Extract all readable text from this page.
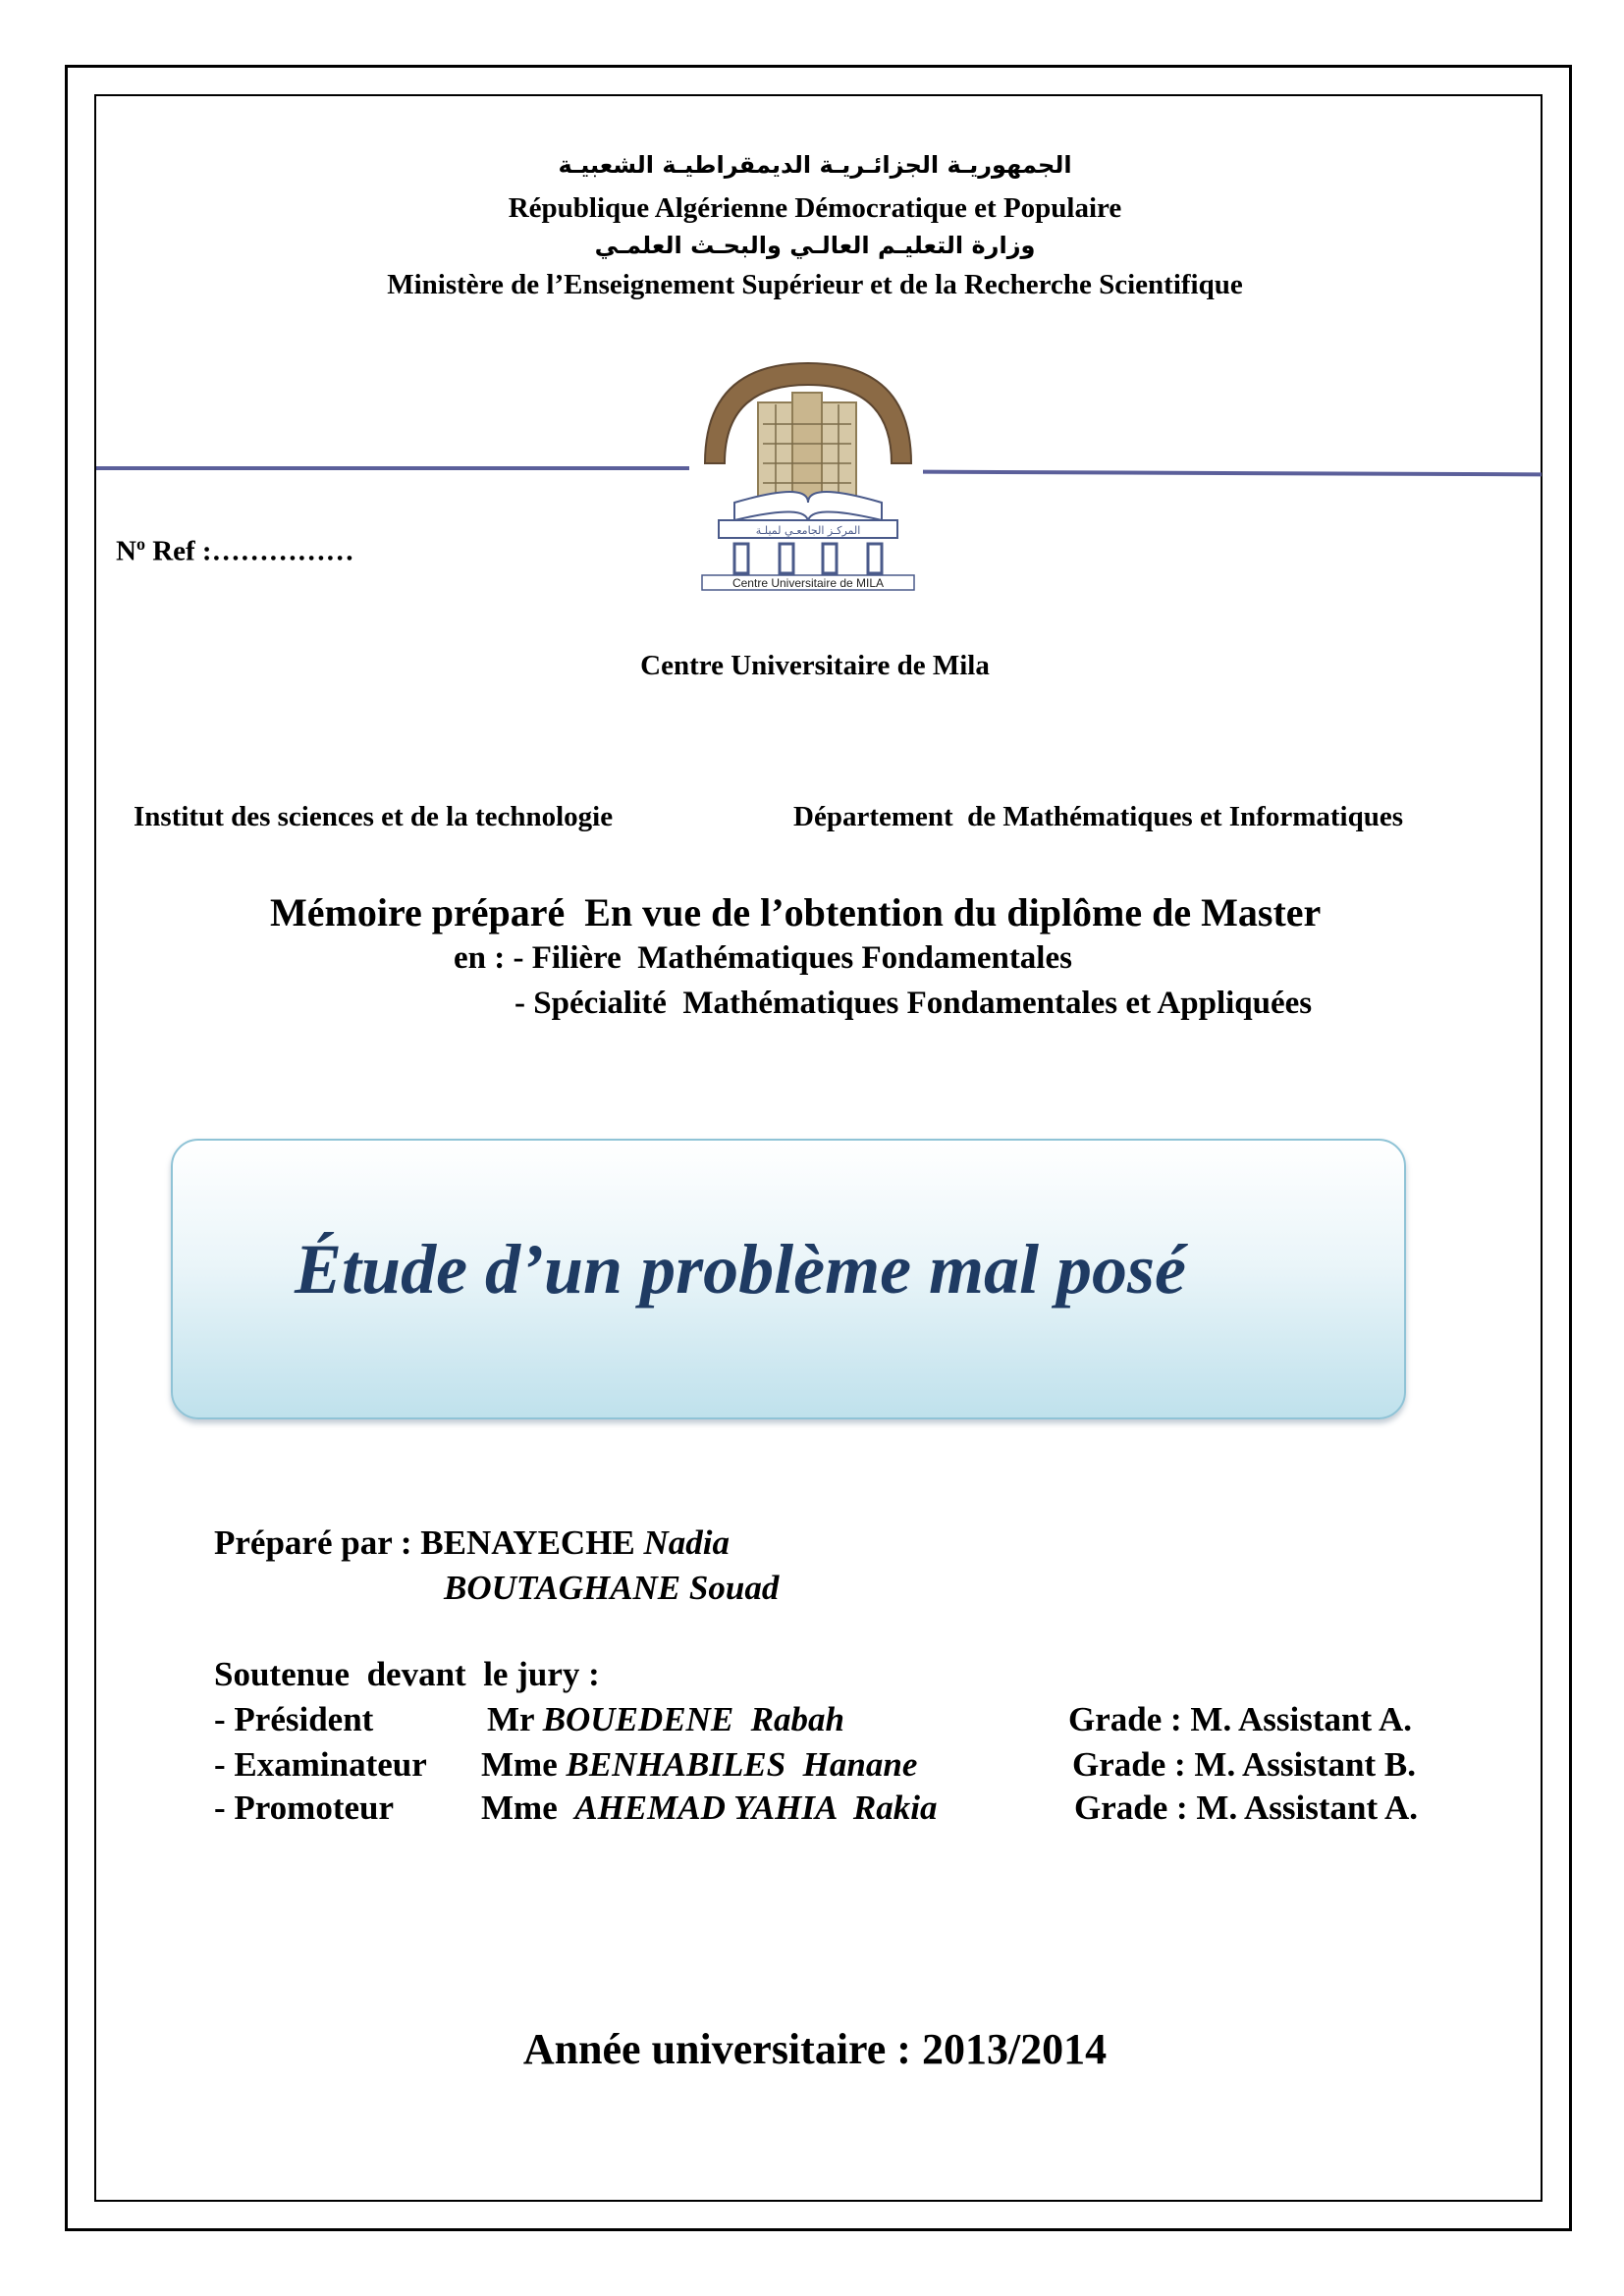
الجمهوريـة الجزائـريـة الديمقراطيـة الشعبيـة
République Algérienne Démocratique et Populaire
وزارة التعليـم العالـي والبحـث العلمـي
Ministère de l’Enseignement Supérieur et de la Recherche Scientifique
المركـز الجامعـي لميلـة
Centre Universitaire de MILA
$N^o$ Ref :……………
Centre Universitaire de Mila
Institut des sciences et de la technologie	Département  de Mathématiques et Informatiques
Mémoire préparé  En vue de l’obtention du diplôme de Master
en : - Filière  Mathématiques Fondamentales
- Spécialité  Mathématiques Fondamentales et Appliquées
Étude d’un problème mal posé
Préparé par : BENAYECHE Nadia
BOUTAGHANE Souad
Soutenue  devant  le jury :
- Président	Mr BOUEDENE  Rabah	Grade : M. Assistant A.
- Examinateur Mme BENHABILES  Hanane	Grade : M. Assistant B.
- Promoteur	Mme  AHEMAD YAHIA  Rakia	Grade : M. Assistant A.
Année universitaire : 2013/2014
